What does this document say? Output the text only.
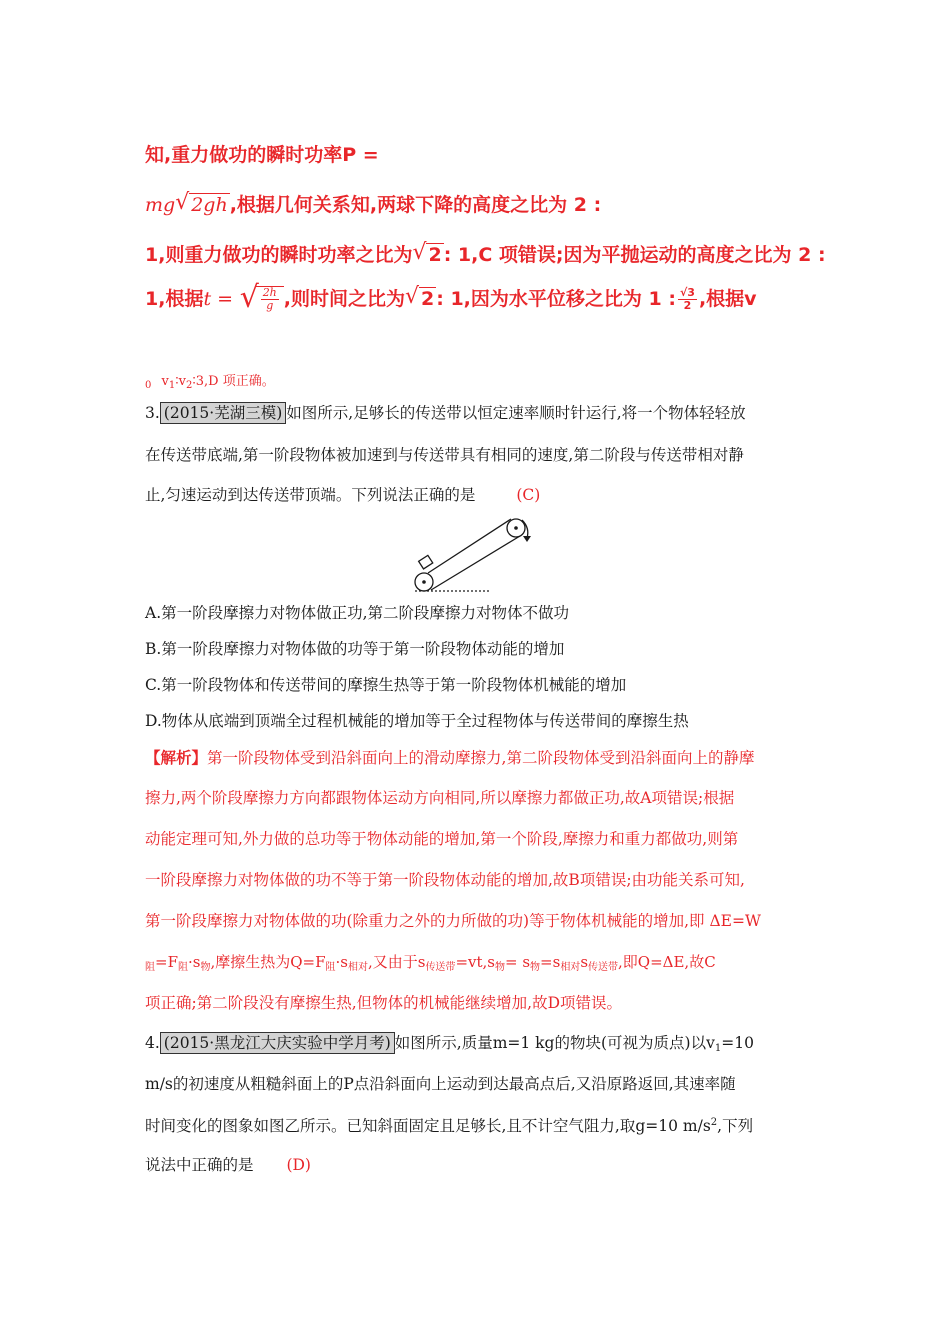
知,重力做功的瞬时功率P =
mg √ 2gh ,根据几何关系知,两球下降的高度之比为 2 :
1,则重力做功的瞬时功率之比为 √ 2 : 1,C 项错误;因为平抛运动的高度之比为 2 :
1,根据t = √ $\frac{2h}{g}$ ,则时间之比为 √ 2 : 1,因为水平位移之比为 1 : $\frac{√3}{2}$ ,根据v
$_0$ $v_1∶v_2∶3,D$ 项正确。
3. (2015·芜湖三模) 如图所示,足够长的传送带以恒定速率顺时针运行,将一个物体轻轻放
在传送带底端,第一阶段物体被加速到与传送带具有相同的速度,第二阶段与传送带相对静
止,匀速运动到达传送带顶端。下列说法正确的是	(C)
A.第一阶段摩擦力对物体做正功,第二阶段摩擦力对物体不做功
B.第一阶段摩擦力对物体做的功等于第一阶段物体动能的增加
C.第一阶段物体和传送带间的摩擦生热等于第一阶段物体机械能的增加
D.物体从底端到顶端全过程机械能的增加等于全过程物体与传送带间的摩擦生热
【解析】第一阶段物体受到沿斜面向上的滑动摩擦力,第二阶段物体受到沿斜面向上的静摩
擦力,两个阶段摩擦力方向都跟物体运动方向相同,所以摩擦力都做正功,故A项错误;根据
动能定理可知,外力做的总功等于物体动能的增加,第一个阶段,摩擦力和重力都做功,则第
一阶段摩擦力对物体做的功不等于第一阶段物体动能的增加,故B项错误;由功能关系可知,
第一阶段摩擦力对物体做的功(除重力之外的力所做的功)等于物体机械能的增加,即 ΔE=W
$_阻=F_阻\cdot s_物$,摩擦生热为$Q=F_阻\cdot s_{相对}$,又由于$s_{传送带}=vt,s_物= s_物=s_{相对}s_{传送带}$,即Q=ΔE,故C
项正确;第二阶段没有摩擦生热,但物体的机械能继续增加,故D项错误。
4. (2015·黑龙江大庆实验中学月考) 如图所示,质量m=1 kg的物块(可视为质点)以$v_1=10$
m/s的初速度从粗糙斜面上的P点沿斜面向上运动到达最高点后,又沿原路返回,其速率随
时间变化的图象如图乙所示。已知斜面固定且足够长,且不计空气阻力,取g=10 $m/s^2$,下列
说法中正确的是 (D)
